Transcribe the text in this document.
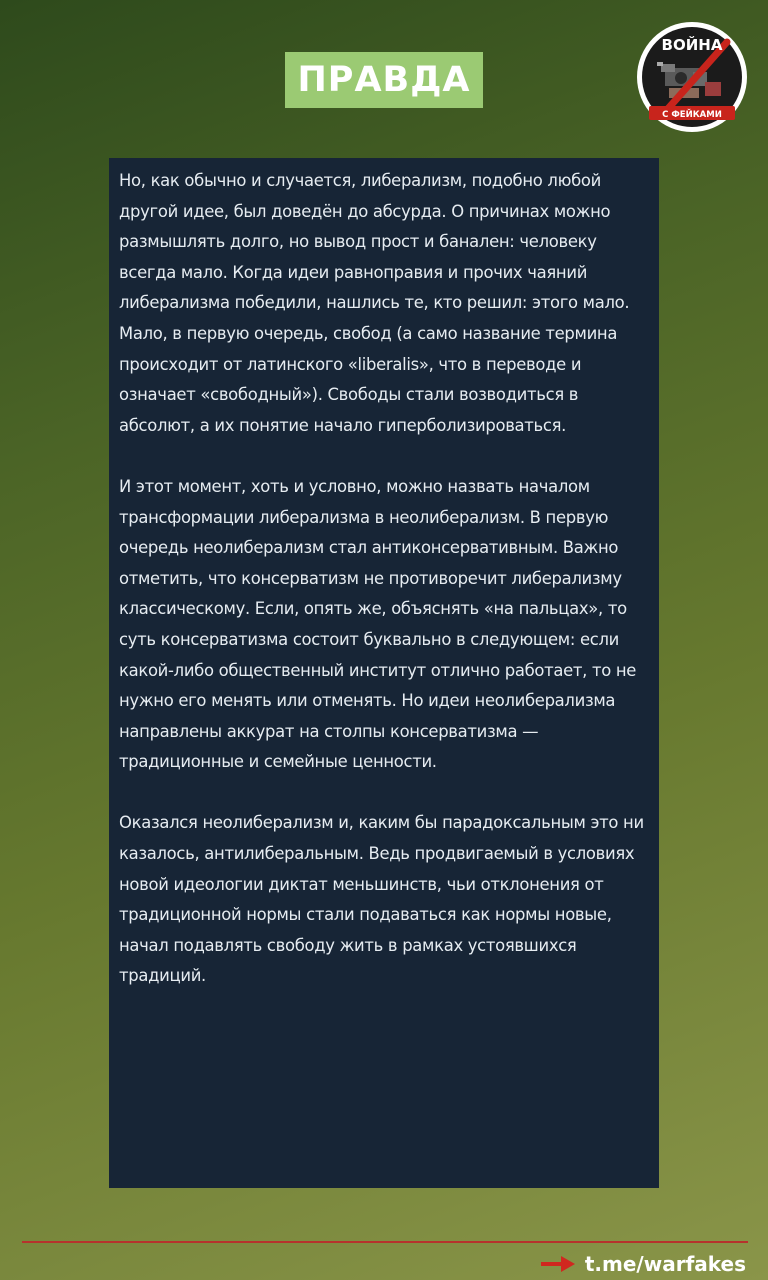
ПРАВДА
ВОЙНА
С ФЕЙКАМИ

Но, как обычно и случается, либерализм, подобно любой другой идее, был доведён до абсурда. О причинах можно размышлять долго, но вывод прост и банален: человеку всегда мало. Когда идеи равноправия и прочих чаяний либерализма победили, нашлись те, кто решил: этого мало. Мало, в первую очередь, свобод (а само название термина происходит от латинского «liberalis», что в переводе и означает «свободный»). Свободы стали возводиться в абсолют, а их понятие начало гиперболизироваться.

И этот момент, хоть и условно, можно назвать началом трансформации либерализма в неолиберализм. В первую очередь неолиберализм стал антиконсервативным. Важно отметить, что консерватизм не противоречит либерализму классическому. Если, опять же, объяснять «на пальцах», то суть консерватизма состоит буквально в следующем: если какой-либо общественный институт отлично работает, то не нужно его менять или отменять. Но идеи неолиберализма направлены аккурат на столпы консерватизма — традиционные и семейные ценности.

Оказался неолиберализм и, каким бы парадоксальным это ни казалось, антилиберальным. Ведь продвигаемый в условиях новой идеологии диктат меньшинств, чьи отклонения от традиционной нормы стали подаваться как нормы новые, начал подавлять свободу жить в рамках устоявшихся традиций.

t.me/warfakes
